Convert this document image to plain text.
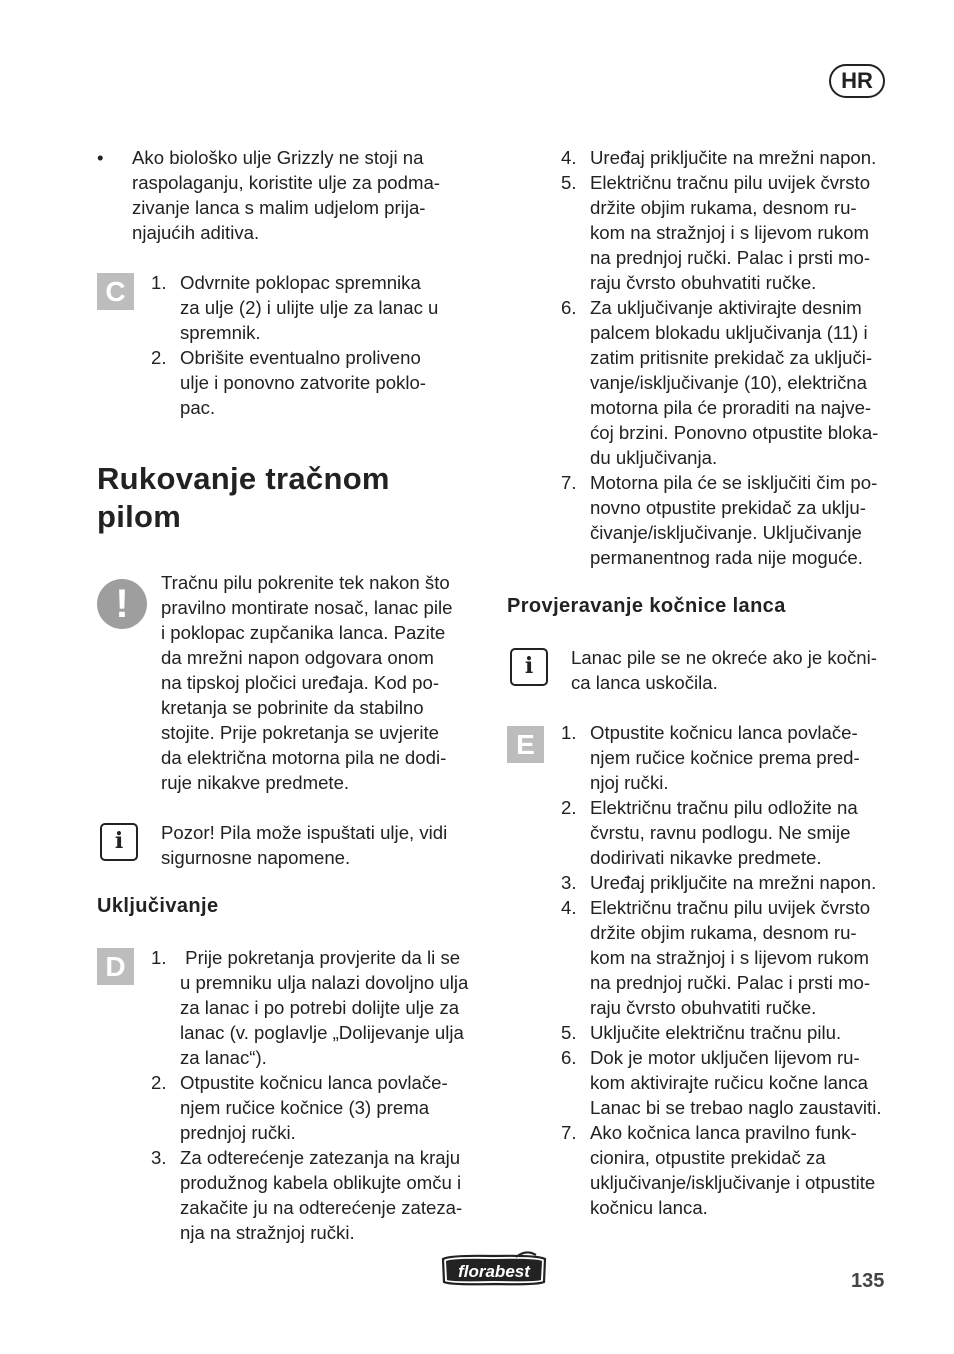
HR
• Ako biološko ulje Grizzly ne stoji na
raspolaganju, koristite ulje za podma-
zivanje lanca s malim udjelom prija-
njajućih aditiva.
C	1. Odvrnite poklopac spremnika
za ulje (2) i ulijte ulje za lanac u
spremnik.
2. Obrišite eventualno proliveno
ulje i ponovno zatvorite poklo-
pac.
Rukovanje tračnom
pilom
!	Tračnu pilu pokrenite tek nakon što
pravilno montirate nosač, lanac pile
i poklopac zupčanika lanca. Pazite
da mrežni napon odgovara onom
na tipskoj pločici uređaja. Kod po-
kretanja se pobrinite da stabilno
stojite. Prije pokretanja se uvjerite
da električna motorna pila ne dodi-
ruje nikakve predmete.
i	Pozor! Pila može ispuštati ulje, vidi
sigurnosne napomene.
Uključivanje
D	1. Prije pokretanja provjerite da li se
u premniku ulja nalazi dovoljno ulja
za lanac i po potrebi dolijte ulje za
lanac (v. poglavlje „Dolijevanje ulja
za lanac“).
2. Otpustite kočnicu lanca povlače-
njem ručice kočnice (3) prema
prednjoj ručki.
3. Za odterećenje zatezanja na kraju
produžnog kabela oblikujte omču i
zakačite ju na odterećenje zateza-
nja na stražnjoj ručki.
4. Uređaj priključite na mrežni napon.
5. Električnu tračnu pilu uvijek čvrsto
držite objim rukama, desnom ru-
kom na stražnjoj i s lijevom rukom
na prednjoj ručki. Palac i prsti mo-
raju čvrsto obuhvatiti ručke.
6. Za uključivanje aktivirajte desnim
palcem blokadu uključivanja (11) i
zatim pritisnite prekidač za uključi-
vanje/isključivanje (10), električna
motorna pila će proraditi na najve-
ćoj brzini. Ponovno otpustite bloka-
du uključivanja.
7. Motorna pila će se isključiti čim po-
novno otpustite prekidač za uklju-
čivanje/isključivanje. Uključivanje
permanentnog rada nije moguće.
Provjeravanje kočnice lanca
i	Lanac pile se ne okreće ako je kočni-
ca lanca uskočila.
E	1. Otpustite kočnicu lanca povlače-
njem ručice kočnice prema pred-
njoj ručki.
2. Električnu tračnu pilu odložite na
čvrstu, ravnu podlogu. Ne smije
dodirivati nikavke predmete.
3. Uređaj priključite na mrežni napon.
4. Električnu tračnu pilu uvijek čvrsto
držite objim rukama, desnom ru-
kom na stražnjoj i s lijevom rukom
na prednjoj ručki. Palac i prsti mo-
raju čvrsto obuhvatiti ručke.
5. Uključite električnu tračnu pilu.
6. Dok je motor uključen lijevom ru-
kom aktivirajte ručicu kočne lanca
Lanac bi se trebao naglo zaustaviti.
7. Ako kočnica lanca pravilno funk-
cionira, otpustite prekidač za
uključivanje/isključivanje i otpustite
kočnicu lanca.
florabest	135
